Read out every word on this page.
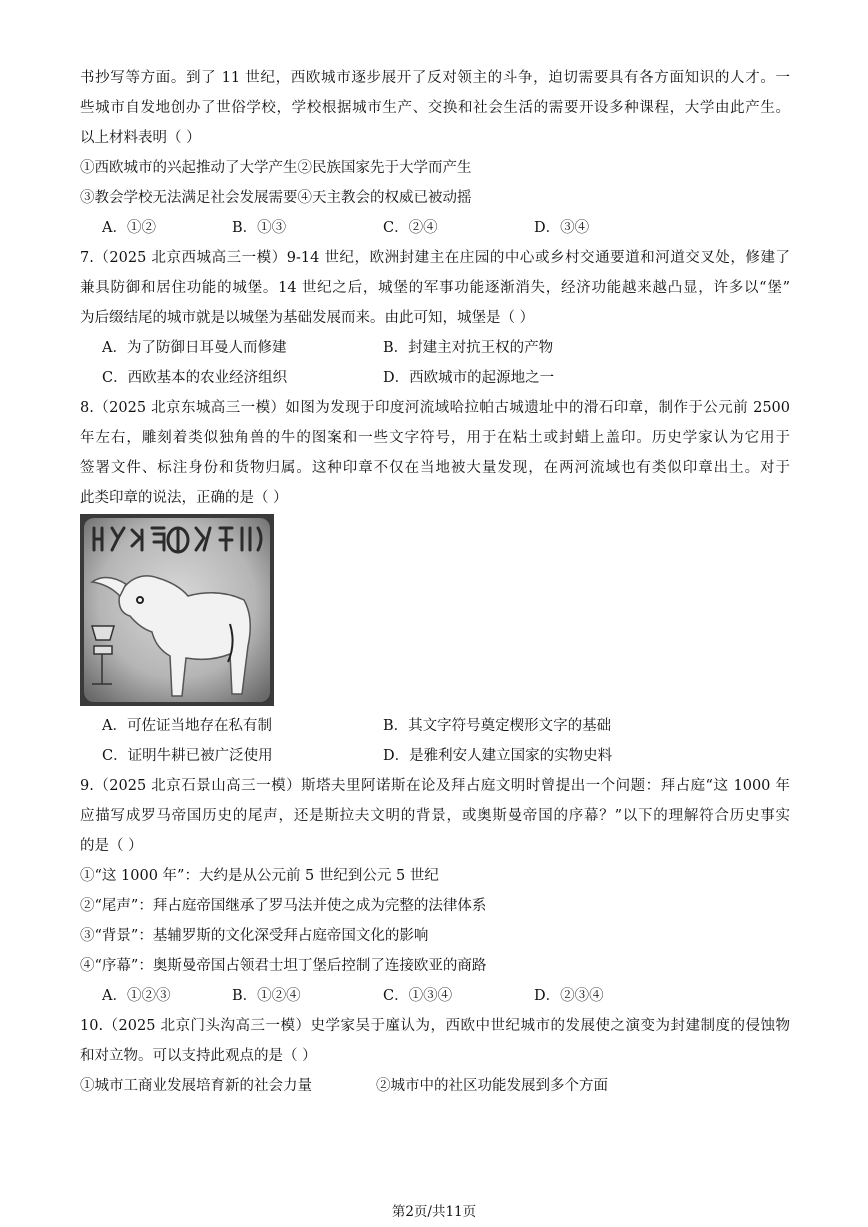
书抄写等方面。到了 11 世纪，西欧城市逐步展开了反对领主的斗争，迫切需要具有各方面知识的人才。一
些城市自发地创办了世俗学校，学校根据城市生产、交换和社会生活的需要开设多种课程，大学由此产生。
以上材料表明（ ）
①西欧城市的兴起推动了大学产生②民族国家先于大学而产生
③教会学校无法满足社会发展需要④天主教会的权威已被动摇
A．①②	B．①③	C．②④	D．③④
7.（2025 北京西城高三一模）9-14 世纪，欧洲封建主在庄园的中心或乡村交通要道和河道交叉处，修建了
兼具防御和居住功能的城堡。14 世纪之后，城堡的军事功能逐渐消失，经济功能越来越凸显，许多以“堡”
为后缀结尾的城市就是以城堡为基础发展而来。由此可知，城堡是（ ）
A．为了防御日耳曼人而修建	B．封建主对抗王权的产物
C．西欧基本的农业经济组织	D．西欧城市的起源地之一
8.（2025 北京东城高三一模）如图为发现于印度河流域哈拉帕古城遗址中的滑石印章，制作于公元前 2500
年左右，雕刻着类似独角兽的牛的图案和一些文字符号，用于在粘土或封蜡上盖印。历史学家认为它用于
签署文件、标注身份和货物归属。这种印章不仅在当地被大量发现，在两河流域也有类似印章出土。对于
此类印章的说法，正确的是（ ）
A．可佐证当地存在私有制	B．其文字符号奠定楔形文字的基础
C．证明牛耕已被广泛使用	D．是雅利安人建立国家的实物史料
9.（2025 北京石景山高三一模）斯塔夫里阿诺斯在论及拜占庭文明时曾提出一个问题：拜占庭“这 1000 年
应描写成罗马帝国历史的尾声，还是斯拉夫文明的背景，或奥斯曼帝国的序幕？”以下的理解符合历史事实
的是（ ）
①“这 1000 年”：大约是从公元前 5 世纪到公元 5 世纪
②“尾声”：拜占庭帝国继承了罗马法并使之成为完整的法律体系
③“背景”：基辅罗斯的文化深受拜占庭帝国文化的影响
④“序幕”：奥斯曼帝国占领君士坦丁堡后控制了连接欧亚的商路
A．①②③	B．①②④	C．①③④	D．②③④
10.（2025 北京门头沟高三一模）史学家吴于廑认为，西欧中世纪城市的发展使之演变为封建制度的侵蚀物
和对立物。可以支持此观点的是（ ）
①城市工商业发展培育新的社会力量	②城市中的社区功能发展到多个方面
第2页/共11页
